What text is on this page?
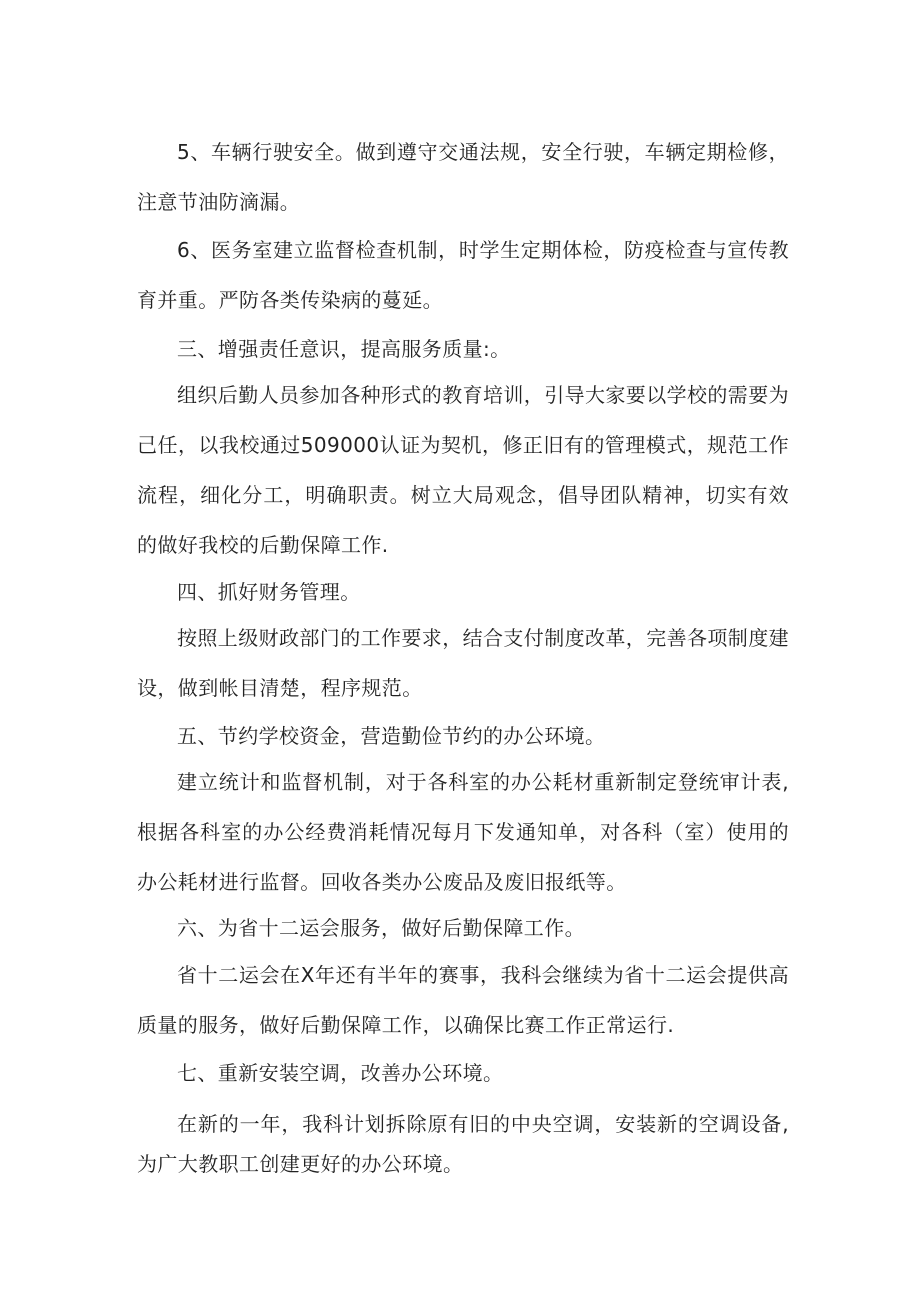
5、车辆行驶安全。做到遵守交通法规，安全行驶，车辆定期检修，注意节油防滴漏。

6、医务室建立监督检查机制，时学生定期体检，防疫检查与宣传教育并重。严防各类传染病的蔓延。

三、增强责任意识，提高服务质量:。

组织后勤人员参加各种形式的教育培训，引导大家要以学校的需要为己任，以我校通过509000认证为契机，修正旧有的管理模式，规范工作流程，细化分工，明确职责。树立大局观念，倡导团队精神，切实有效的做好我校的后勤保障工作.

四、抓好财务管理。

按照上级财政部门的工作要求，结合支付制度改革，完善各项制度建设，做到帐目清楚，程序规范。

五、节约学校资金，营造勤俭节约的办公环境。

建立统计和监督机制，对于各科室的办公耗材重新制定登统审计表,根据各科室的办公经费消耗情况每月下发通知单，对各科（室）使用的办公耗材进行监督。回收各类办公废品及废旧报纸等。

六、为省十二运会服务，做好后勤保障工作。

省十二运会在X年还有半年的赛事，我科会继续为省十二运会提供高质量的服务，做好后勤保障工作，以确保比赛工作正常运行.

七、重新安装空调，改善办公环境。

在新的一年，我科计划拆除原有旧的中央空调，安装新的空调设备,为广大教职工创建更好的办公环境。
